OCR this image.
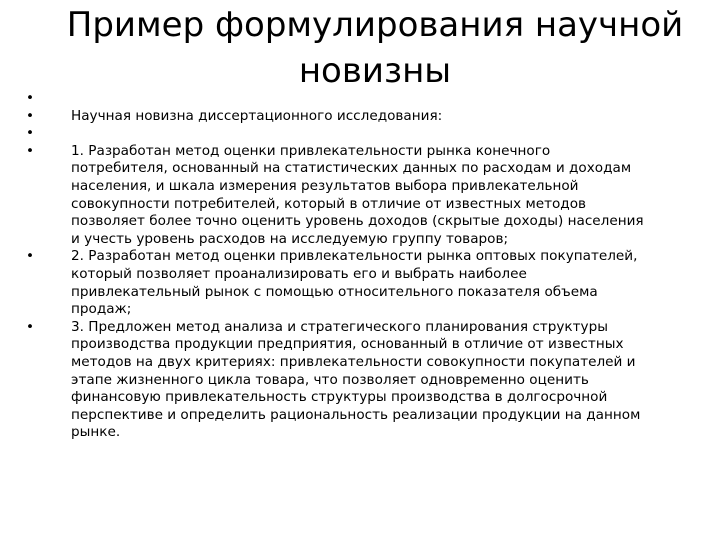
Пример формулирования научной
новизны
•
•	Научная новизна диссертационного исследования:
•
•	1. Разработан метод оценки привлекательности рынка конечного
потребителя, основанный на статистических данных по расходам и доходам
населения, и шкала измерения результатов выбора привлекательной
совокупности потребителей, который в отличие от известных методов
позволяет более точно оценить уровень доходов (скрытые доходы) населения
и учесть уровень расходов на исследуемую группу товаров;
•	2. Разработан метод оценки привлекательности рынка оптовых покупателей,
который позволяет проанализировать его и выбрать наиболее
привлекательный рынок с помощью относительного показателя объема
продаж;
•	3. Предложен метод анализа и стратегического планирования структуры
производства продукции предприятия, основанный в отличие от известных
методов на двух критериях: привлекательности совокупности покупателей и
этапе жизненного цикла товара, что позволяет одновременно оценить
финансовую привлекательность структуры производства в долгосрочной
перспективе и определить рациональность реализации продукции на данном
рынке.
